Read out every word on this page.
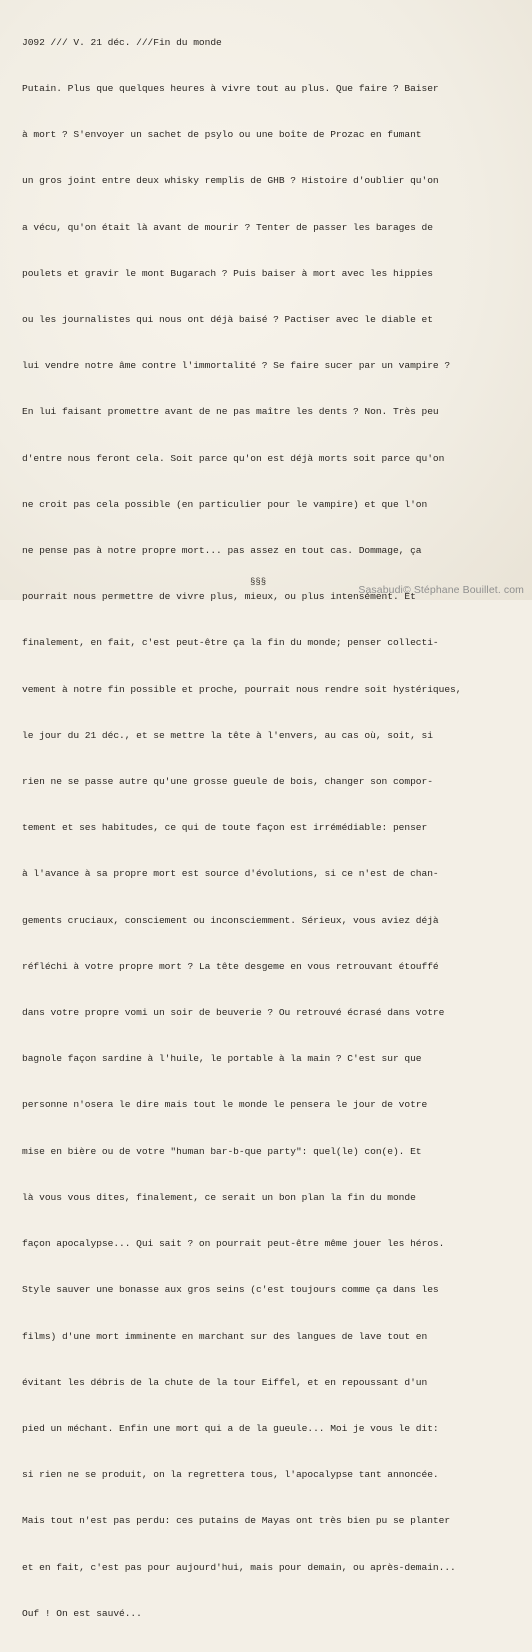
J092 /// V. 21 déc. ///Fin du monde

Putain. Plus que quelques heures à vivre tout au plus. Que faire ? Baiser

à mort ? S'envoyer un sachet de psylo ou une boîte de Prozac en fumant

un gros joint entre deux whisky remplis de GHB ? Histoire d'oublier qu'on

a vécu, qu'on était là avant de mourir ? Tenter de passer les barages de

poulets et gravir le mont Bugarach ? Puis baiser à mort avec les hippies

ou les journalistes qui nous ont déjà baisé ? Pactiser avec le diable et

lui vendre notre âme contre l'immortalité ? Se faire sucer par un vampire ?

En lui faisant promettre avant de ne pas maître les dents ? Non. Très peu

d'entre nous feront cela. Soit parce qu'on est déjà morts soit parce qu'on

ne croit pas cela possible (en particulier pour le vampire) et que l'on

ne pense pas à notre propre mort... pas assez en tout cas. Dommage, ça

pourrait nous permettre de vivre plus, mieux, ou plus intensément. Et

finalement, en fait, c'est peut-être ça la fin du monde; penser collecti-

vement à notre fin possible et proche, pourrait nous rendre soit hystériques,

le jour du 21 déc., et se mettre la tête à l'envers, au cas où, soit, si

rien ne se passe autre qu'une grosse gueule de bois, changer son compor-

tement et ses habitudes, ce qui de toute façon est irrémédiable: penser

à l'avance à sa propre mort est source d'évolutions, si ce n'est de chan-

gements cruciaux, consciement ou inconsciemment. Sérieux, vous aviez déjà

réfléchi à votre propre mort ? La tête desgeme en vous retrouvant étouffé

dans votre propre vomi un soir de beuverie ? Ou retrouvé écrasé dans votre

bagnole façon sardine à l'huile, le portable à la main ? C'est sur que

personne n'osera le dire mais tout le monde le pensera le jour de votre

mise en bière ou de votre "human bar-b-que party": quel(le) con(e). Et

là vous vous dites, finalement, ce serait un bon plan la fin du monde

façon apocalypse... Qui sait ? on pourrait peut-être même jouer les héros.

Style sauver une bonasse aux gros seins (c'est toujours comme ça dans les

films) d'une mort imminente en marchant sur des langues de lave tout en

évitant les débris de la chute de la tour Eiffel, et en repoussant d'un

pied un méchant. Enfin une mort qui a de la gueule... Moi je vous le dit:

si rien ne se produit, on la regrettera tous, l'apocalypse tant annoncée.

Mais tout n'est pas perdu: ces putains de Mayas ont très bien pu se planter

et en fait, c'est pas pour aujourd'hui, mais pour demain, ou après-demain...

Ouf ! On est sauvé...

§§§
Sasabudi© Stéphane Bouillet. com
